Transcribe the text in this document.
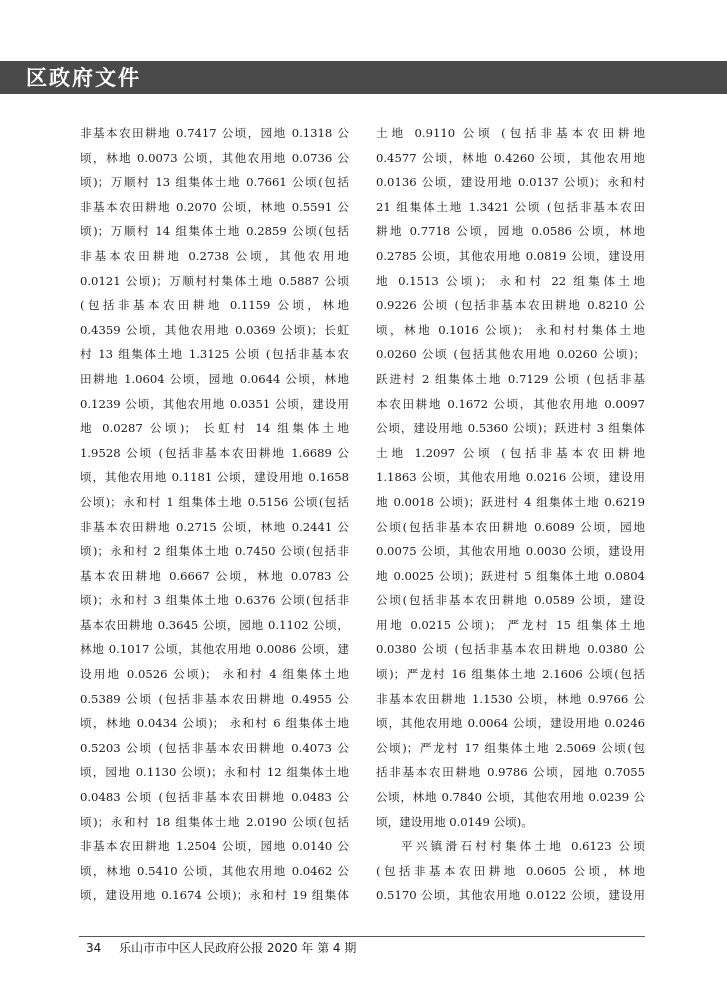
区政府文件
非基本农田耕地 0.7417 公顷，园地 0.1318 公
顷，林地 0.0073 公顷，其他农用地 0.0736 公
顷)；万顺村 13 组集体土地 0.7661 公顷(包括
非基本农田耕地 0.2070 公顷，林地 0.5591 公
顷)；万顺村 14 组集体土地 0.2859 公顷(包括
非基本农田耕地 0.2738 公顷，其他农用地
0.0121 公顷)；万顺村村集体土地 0.5887 公顷
(包括非基本农田耕地 0.1159 公顷，林地
0.4359 公顷，其他农用地 0.0369 公顷)；长虹
村 13 组集体土地 1.3125 公顷 (包括非基本农
田耕地 1.0604 公顷，园地 0.0644 公顷，林地
0.1239 公顷，其他农用地 0.0351 公顷，建设用
地 0.0287 公顷)； 长虹村 14 组集体土地
1.9528 公顷 (包括非基本农田耕地 1.6689 公
顷，其他农用地 0.1181 公顷，建设用地 0.1658
公顷)；永和村 1 组集体土地 0.5156 公顷(包括
非基本农田耕地 0.2715 公顷，林地 0.2441 公
顷)；永和村 2 组集体土地 0.7450 公顷(包括非
基本农田耕地 0.6667 公顷，林地 0.0783 公
顷)；永和村 3 组集体土地 0.6376 公顷(包括非
基本农田耕地 0.3645 公顷，园地 0.1102 公顷，
林地 0.1017 公顷，其他农用地 0.0086 公顷，建
设用地 0.0526 公顷)； 永和村 4 组集体土地
0.5389 公顷 (包括非基本农田耕地 0.4955 公
顷，林地 0.0434 公顷)； 永和村 6 组集体土地
0.5203 公顷 (包括非基本农田耕地 0.4073 公
顷，园地 0.1130 公顷)；永和村 12 组集体土地
0.0483 公顷 (包括非基本农田耕地 0.0483 公
顷)；永和村 18 组集体土地 2.0190 公顷(包括
非基本农田耕地 1.2504 公顷，园地 0.0140 公
顷，林地 0.5410 公顷，其他农用地 0.0462 公
顷，建设用地 0.1674 公顷)；永和村 19 组集体
土地 0.9110 公顷 (包括非基本农田耕地
0.4577 公顷，林地 0.4260 公顷，其他农用地
0.0136 公顷，建设用地 0.0137 公顷)；永和村
21 组集体土地 1.3421 公顷 (包括非基本农田
耕地 0.7718 公顷，园地 0.0586 公顷，林地
0.2785 公顷，其他农用地 0.0819 公顷，建设用
地 0.1513 公顷)； 永和村 22 组集体土地
0.9226 公顷 (包括非基本农田耕地 0.8210 公
顷，林地 0.1016 公顷)； 永和村村集体土地
0.0260 公顷 (包括其他农用地 0.0260 公顷)；
跃进村 2 组集体土地 0.7129 公顷 (包括非基
本农田耕地 0.1672 公顷，其他农用地 0.0097
公顷，建设用地 0.5360 公顷)；跃进村 3 组集体
土地 1.2097 公顷 (包括非基本农田耕地
1.1863 公顷，其他农用地 0.0216 公顷，建设用
地 0.0018 公顷)；跃进村 4 组集体土地 0.6219
公顷(包括非基本农田耕地 0.6089 公顷，园地
0.0075 公顷，其他农用地 0.0030 公顷，建设用
地 0.0025 公顷)；跃进村 5 组集体土地 0.0804
公顷(包括非基本农田耕地 0.0589 公顷，建设
用地 0.0215 公顷)； 严龙村 15 组集体土地
0.0380 公顷 (包括非基本农田耕地 0.0380 公
顷)；严龙村 16 组集体土地 2.1606 公顷(包括
非基本农田耕地 1.1530 公顷，林地 0.9766 公
顷，其他农用地 0.0064 公顷，建设用地 0.0246
公顷)；严龙村 17 组集体土地 2.5069 公顷(包
括非基本农田耕地 0.9786 公顷，园地 0.7055
公顷，林地 0.7840 公顷，其他农用地 0.0239 公
顷，建设用地 0.0149 公顷)。
平兴镇滑石村村集体土地 0.6123 公顷
(包括非基本农田耕地 0.0605 公顷，林地
0.5170 公顷，其他农用地 0.0122 公顷，建设用
34 乐山市市中区人民政府公报 2020 年 第 4 期
